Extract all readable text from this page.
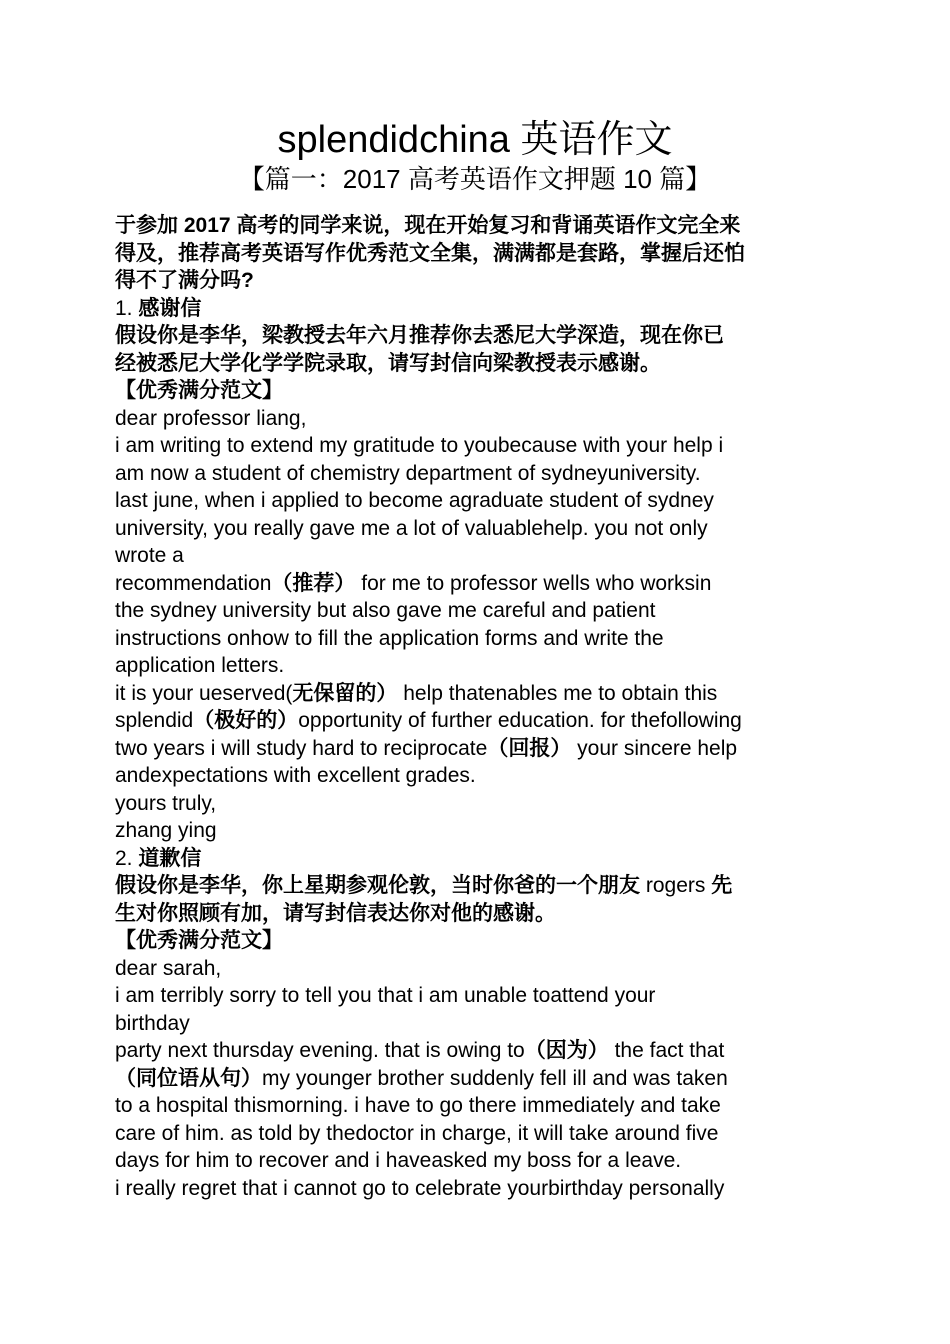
splendidchina 英语作文
【篇一：2017 高考英语作文押题 10 篇】
于参加 2017 高考的同学来说，现在开始复习和背诵英语作文完全来
得及，推荐高考英语写作优秀范文全集，满满都是套路，掌握后还怕
得不了满分吗?
1. 感谢信
假设你是李华，梁教授去年六月推荐你去悉尼大学深造，现在你已
经被悉尼大学化学学院录取，请写封信向梁教授表示感谢。
【优秀满分范文】
dear professor liang,
i am writing to extend my gratitude to youbecause with your help i
am now a student of chemistry department of sydneyuniversity.
last june, when i applied to become agraduate student of sydney
university, you really gave me a lot of valuablehelp. you not only
wrote a
recommendation（推荐） for me to professor wells who worksin
the sydney university but also gave me careful and patient
instructions onhow to fill the application forms and write the
application letters.
it is your ueserved(无保留的） help thatenables me to obtain this
splendid（极好的）opportunity of further education. for thefollowing
two years i will study hard to reciprocate（回报） your sincere help
andexpectations with excellent grades.
yours truly,
zhang ying
2. 道歉信
假设你是李华，你上星期参观伦敦，当时你爸的一个朋友 rogers 先
生对你照顾有加，请写封信表达你对他的感谢。
【优秀满分范文】
dear sarah,
i am terribly sorry to tell you that i am unable toattend your
birthday
party next thursday evening. that is owing to（因为） the fact that
（同位语从句）my younger brother suddenly fell ill and was taken
to a hospital thismorning. i have to go there immediately and take
care of him. as told by thedoctor in charge, it will take around five
days for him to recover and i haveasked my boss for a leave.
i really regret that i cannot go to celebrate yourbirthday personally
